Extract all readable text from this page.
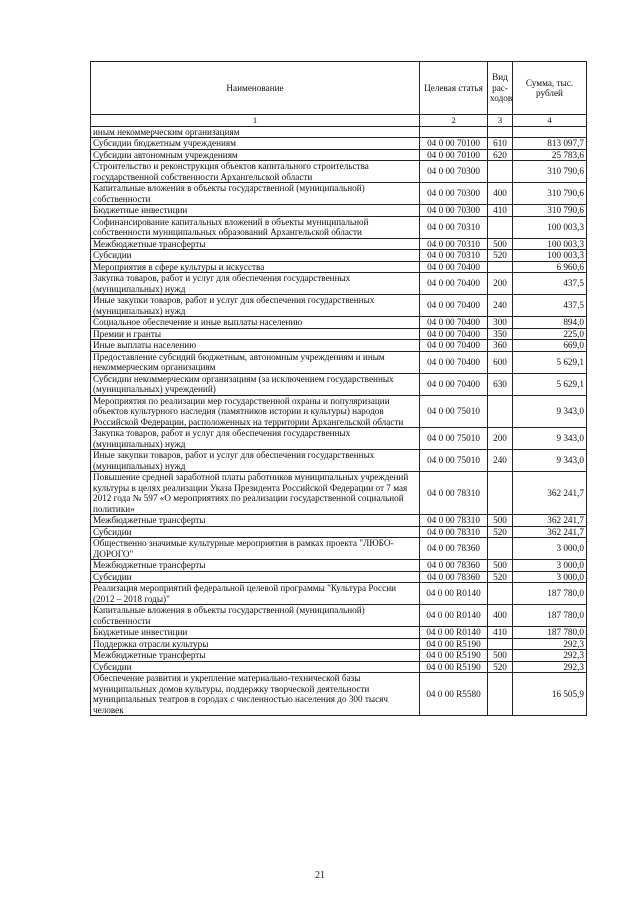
Наименование	Целевая статья	Вид рас-ходов	Сумма, тыс. рублей
1	2	3	4
иным некоммерческим организациям			
Субсидии бюджетным учреждениям	04 0 00 70100	610	813 097,7
Субсидии автономным учреждениям	04 0 00 70100	620	25 783,6
Строительство и реконструкция объектов капитального строительства государственной собственности Архангельской области	04 0 00 70300		310 790,6
Капитальные вложения в объекты государственной (муниципальной) собственности	04 0 00 70300	400	310 790,6
Бюджетные инвестиции	04 0 00 70300	410	310 790,6
Софинансирование капитальных вложений в объекты муниципальной собственности муниципальных образований Архангельской области	04 0 00 70310		100 003,3
Межбюджетные трансферты	04 0 00 70310	500	100 003,3
Субсидии	04 0 00 70310	520	100 003,3
Мероприятия в сфере культуры и искусства	04 0 00 70400		6 960,6
Закупка товаров, работ и услуг для обеспечения государственных (муниципальных) нужд	04 0 00 70400	200	437,5
Иные закупки товаров, работ и услуг для обеспечения государственных (муниципальных) нужд	04 0 00 70400	240	437,5
Социальное обеспечение и иные выплаты населению	04 0 00 70400	300	894,0
Премии и гранты	04 0 00 70400	350	225,0
Иные выплаты населению	04 0 00 70400	360	669,0
Предоставление субсидий бюджетным, автономным учреждениям и иным некоммерческим организациям	04 0 00 70400	600	5 629,1
Субсидии некоммерческим организациям (за исключением государственных (муниципальных) учреждений)	04 0 00 70400	630	5 629,1
Мероприятия по реализации мер государственной охраны и популяризации объектов культурного наследия (памятников истории и культуры) народов Российской Федерации, расположенных на территории Архангельской области	04 0 00 75010		9 343,0
Закупка товаров, работ и услуг для обеспечения государственных (муниципальных) нужд	04 0 00 75010	200	9 343,0
Иные закупки товаров, работ и услуг для обеспечения государственных (муниципальных) нужд	04 0 00 75010	240	9 343,0
Повышение средней заработной платы работников муниципальных учреждений культуры в целях реализации Указа Президента Российской Федерации от 7 мая 2012 года № 597 «О мероприятиях по реализации государственной социальной политики»	04 0 00 78310		362 241,7
Межбюджетные трансферты	04 0 00 78310	500	362 241,7
Субсидии	04 0 00 78310	520	362 241,7
Общественно значимые культурные мероприятия в рамках проекта "ЛЮБО-ДОРОГО"	04 0 00 78360		3 000,0
Межбюджетные трансферты	04 0 00 78360	500	3 000,0
Субсидии	04 0 00 78360	520	3 000,0
Реализация мероприятий федеральной целевой программы "Культура России (2012 – 2018 годы)"	04 0 00 R0140		187 780,0
Капитальные вложения в объекты государственной (муниципальной) собственности	04 0 00 R0140	400	187 780,0
Бюджетные инвестиции	04 0 00 R0140	410	187 780,0
Поддержка отрасли культуры	04 0 00 R5190		292,3
Межбюджетные трансферты	04 0 00 R5190	500	292,3
Субсидии	04 0 00 R5190	520	292,3
Обеспечение развития и укрепление материально-технической базы муниципальных домов культуры, поддержку творческой деятельности муниципальных театров в городах с численностью населения до 300 тысяч человек	04 0 00 R5580		16 505,9
21
